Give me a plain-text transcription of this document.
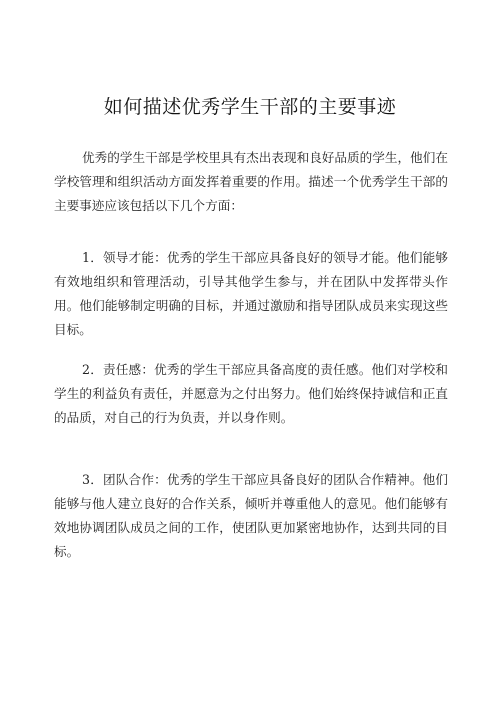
如何描述优秀学生干部的主要事迹

优秀的学生干部是学校里具有杰出表现和良好品质的学生，他们在学校管理和组织活动方面发挥着重要的作用。描述一个优秀学生干部的主要事迹应该包括以下几个方面：

1．领导才能：优秀的学生干部应具备良好的领导才能。他们能够有效地组织和管理活动，引导其他学生参与，并在团队中发挥带头作用。他们能够制定明确的目标，并通过激励和指导团队成员来实现这些目标。

2．责任感：优秀的学生干部应具备高度的责任感。他们对学校和学生的利益负有责任，并愿意为之付出努力。他们始终保持诚信和正直的品质，对自己的行为负责，并以身作则。

3．团队合作：优秀的学生干部应具备良好的团队合作精神。他们能够与他人建立良好的合作关系，倾听并尊重他人的意见。他们能够有效地协调团队成员之间的工作，使团队更加紧密地协作，达到共同的目标。
